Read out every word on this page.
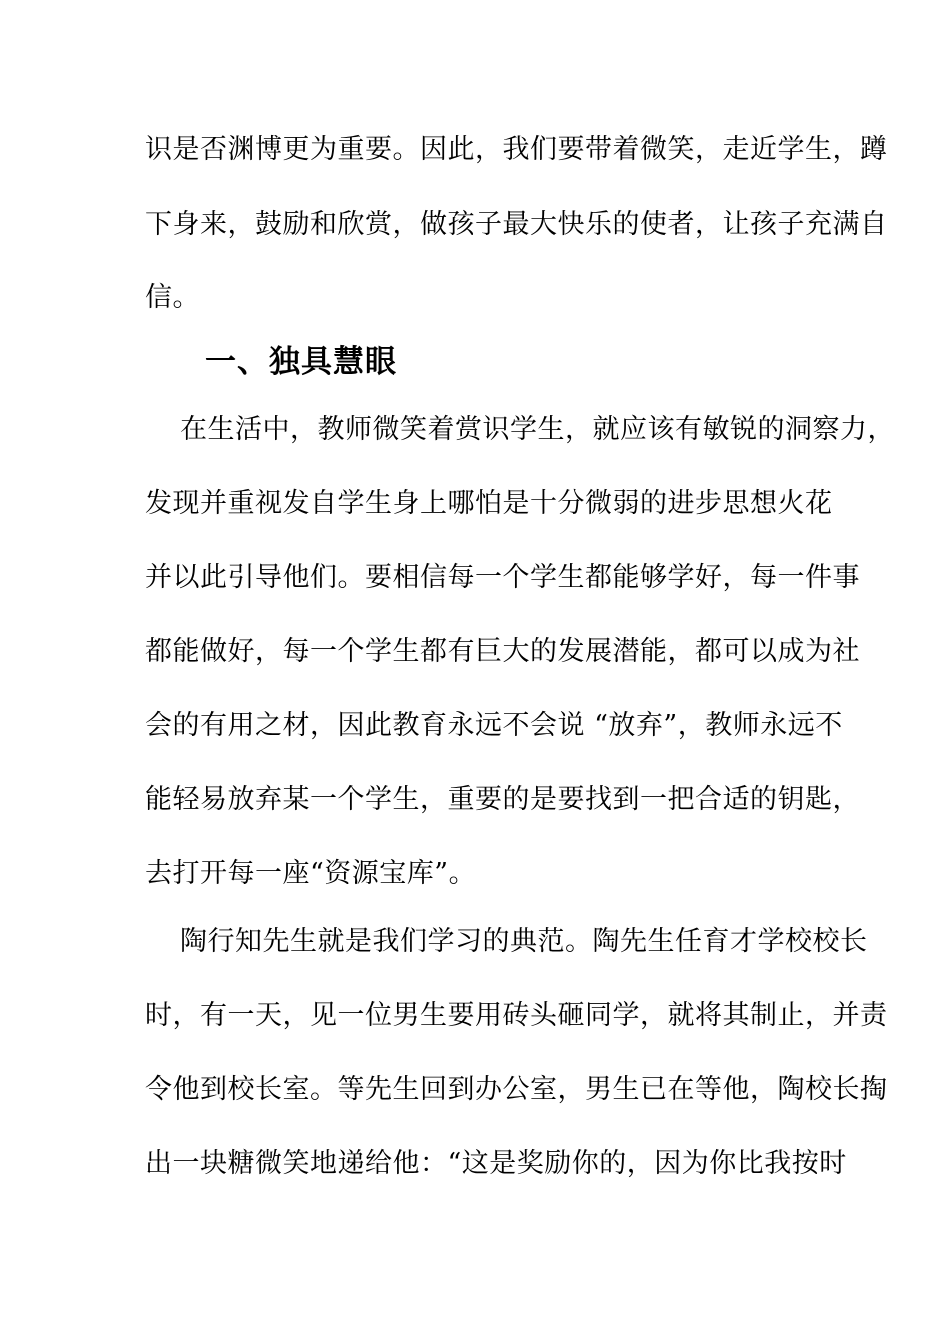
识是否渊博更为重要。因此，我们要带着微笑，走近学生，蹲
下身来，鼓励和欣赏，做孩子最大快乐的使者，让孩子充满自
信。
一、独具慧眼
在生活中，教师微笑着赏识学生，就应该有敏锐的洞察力，
发现并重视发自学生身上哪怕是十分微弱的进步思想火花
并以此引导他们。要相信每一个学生都能够学好，每一件事
都能做好，每一个学生都有巨大的发展潜能，都可以成为社
会的有用之材，因此教育永远不会说 “放弃”，教师永远不
能轻易放弃某一个学生，重要的是要找到一把合适的钥匙，
去打开每一座“资源宝库”。
陶行知先生就是我们学习的典范。陶先生任育才学校校长
时，有一天，见一位男生要用砖头砸同学，就将其制止，并责
令他到校长室。等先生回到办公室，男生已在等他，陶校长掏
出一块糖微笑地递给他：“这是奖励你的，因为你比我按时
